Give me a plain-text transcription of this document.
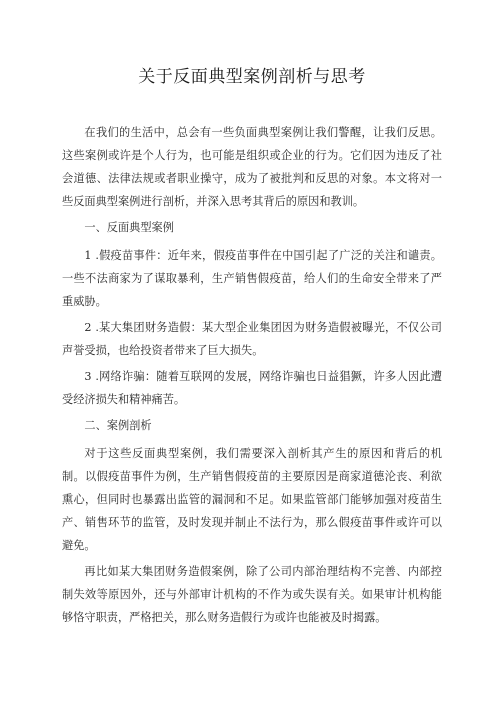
关于反面典型案例剖析与思考

在我们的生活中，总会有一些负面典型案例让我们警醒，让我们反思。这些案例或许是个人行为，也可能是组织或企业的行为。它们因为违反了社会道德、法律法规或者职业操守，成为了被批判和反思的对象。本文将对一些反面典型案例进行剖析，并深入思考其背后的原因和教训。

一、反面典型案例

1 .假疫苗事件：近年来，假疫苗事件在中国引起了广泛的关注和谴责。一些不法商家为了谋取暴利，生产销售假疫苗，给人们的生命安全带来了严重威胁。

2 .某大集团财务造假：某大型企业集团因为财务造假被曝光，不仅公司声誉受损，也给投资者带来了巨大损失。

3 .网络诈骗：随着互联网的发展，网络诈骗也日益猖獗，许多人因此遭受经济损失和精神痛苦。

二、案例剖析

对于这些反面典型案例，我们需要深入剖析其产生的原因和背后的机制。以假疫苗事件为例，生产销售假疫苗的主要原因是商家道德沦丧、利欲熏心，但同时也暴露出监管的漏洞和不足。如果监管部门能够加强对疫苗生产、销售环节的监管，及时发现并制止不法行为，那么假疫苗事件或许可以避免。

再比如某大集团财务造假案例，除了公司内部治理结构不完善、内部控制失效等原因外，还与外部审计机构的不作为或失误有关。如果审计机构能够恪守职责，严格把关，那么财务造假行为或许也能被及时揭露。
